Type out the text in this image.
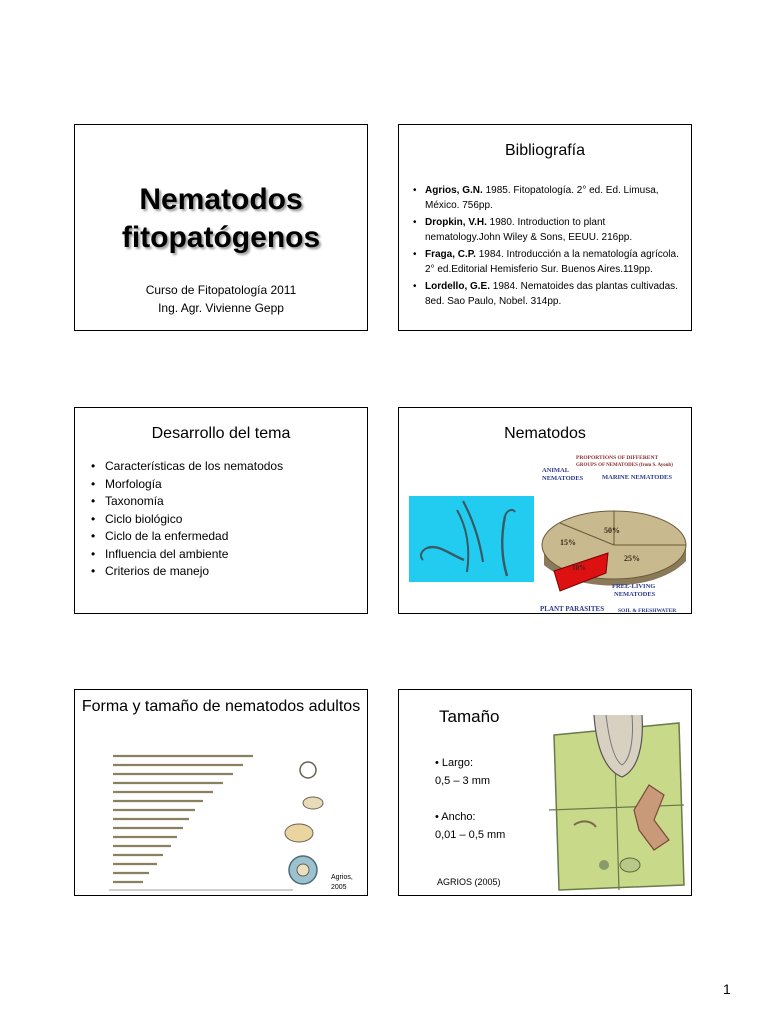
Nematodos
fitopatógenos
Curso de Fitopatología 2011
Ing. Agr. Vivienne Gepp
Bibliografía
• Agrios, G.N. 1985. Fitopatología. 2° ed. Ed. Limusa, México. 756pp.
• Dropkin, V.H. 1980. Introduction to plant nematology.John Wiley & Sons, EEUU. 216pp.
• Fraga, C.P. 1984. Introducción a la nematología agrícola. 2° ed.Editorial Hemisferio Sur. Buenos Aires.119pp.
• Lordello, G.E. 1984. Nematoides das plantas cultivadas. 8ed. Sao Paulo, Nobel. 314pp.
Desarrollo del tema
• Características de los nematodos
• Morfología
• Taxonomía
• Ciclo biológico
• Ciclo de la enfermedad
• Influencia del ambiente
• Criterios de manejo
Nematodos
PROPORTIONS OF DIFFERENT
GROUPS OF NEMATODES (from S. Ayoub)
ANIMAL
NEMATODES	MARINE NEMATODES
50%
15%
25%
10%
FREE-LIVING
NEMATODES
PLANT PARASITES	SOIL & FRESHWATER
Forma y tamaño de nematodos adultos
Agrios,
2005
Tamaño

• Largo:

0,5 – 3 mm

• Ancho:

0,01 – 0,5 mm

AGRIOS (2005)
1
